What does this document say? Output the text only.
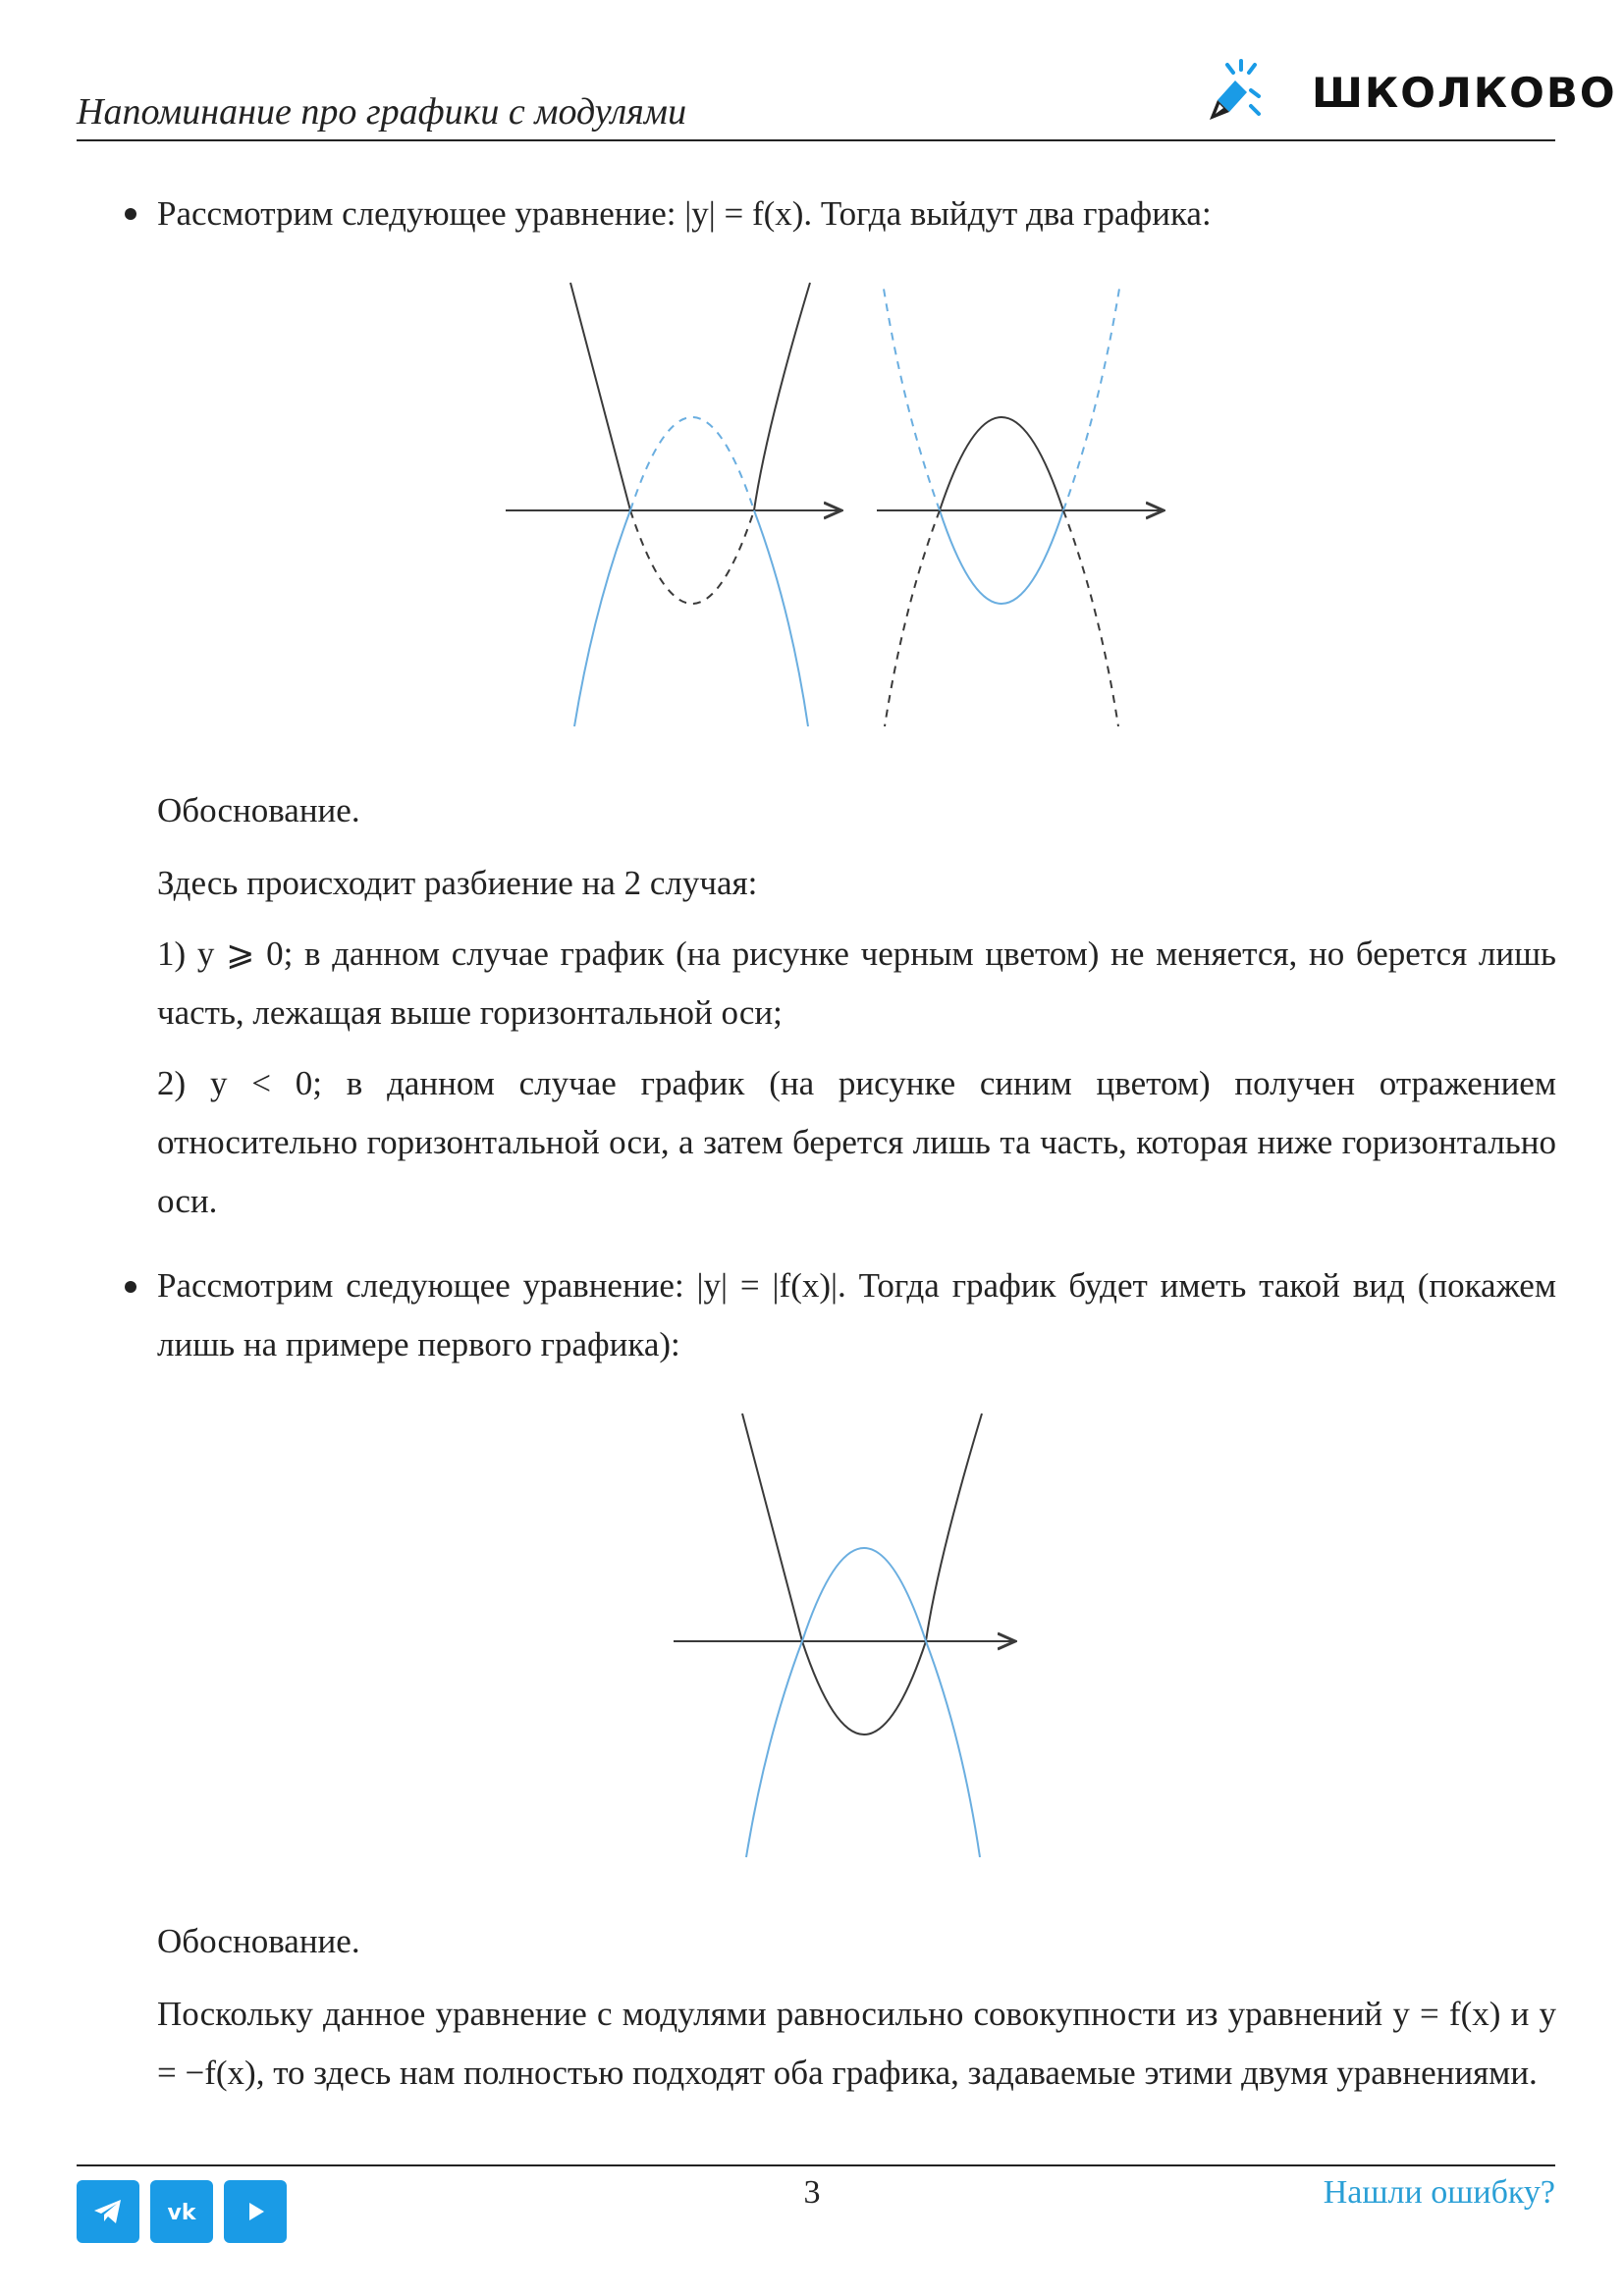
Напоминание про графики с модулями	ШКОЛКОВО
Рассмотрим следующее уравнение: |y| = f(x). Тогда выйдут два графика:
Обоснование.
Здесь происходит разбиение на 2 случая:
1) y ⩾ 0; в данном случае график (на рисунке черным цветом) не меняется, но берется лишь часть, лежащая выше горизонтальной оси;
2) y < 0; в данном случае график (на рисунке синим цветом) получен отражением относительно горизонтальной оси, а затем берется лишь та часть, которая ниже горизонтально оси.
Рассмотрим следующее уравнение: |y| = |f(x)|. Тогда график будет иметь такой вид (покажем лишь на примере первого графика):
Обоснование.
Поскольку данное уравнение с модулями равносильно совокупности из уравнений y = f(x) и y = −f(x), то здесь нам полностью подходят оба графика, задаваемые этими двумя уравнениями.
vk
3	Нашли ошибку?
